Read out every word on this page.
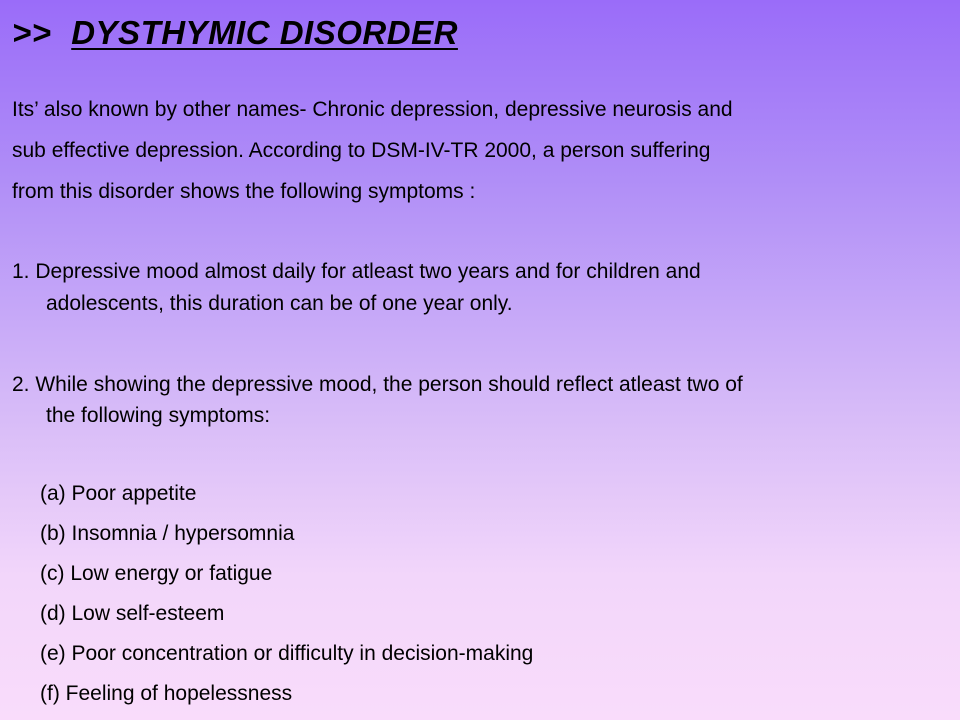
>> DYSTHYMIC DISORDER
Its’ also known by other names- Chronic depression, depressive neurosis and
sub effective depression. According to DSM-IV-TR 2000, a person suffering
from this disorder shows the following symptoms :
1. Depressive mood almost daily for atleast two years and for children and
adolescents, this duration can be of one year only.
2. While showing the depressive mood, the person should reflect atleast two of
the following symptoms:
(a) Poor appetite
(b) Insomnia / hypersomnia
(c) Low energy or fatigue
(d) Low self-esteem
(e) Poor concentration or difficulty in decision-making
(f) Feeling of hopelessness
